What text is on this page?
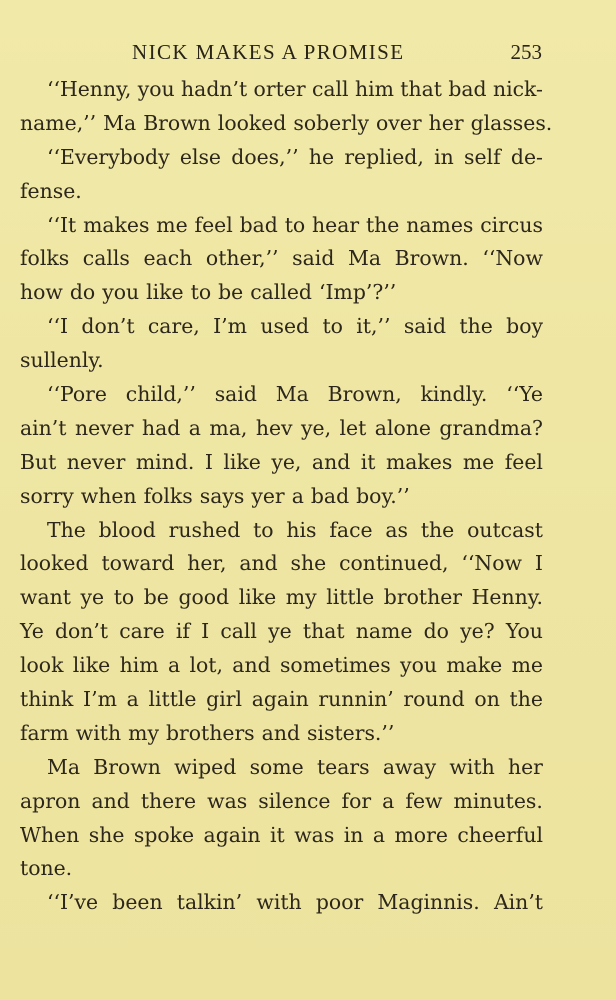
NICK MAKES A PROMISE	253
‘‘Henny, you hadn’t orter call him that bad nick-
name,’’ Ma Brown looked soberly over her glasses.
‘‘Everybody else does,’’ he replied, in self de-
fense.
‘‘It makes me feel bad to hear the names circus
folks calls each other,’’ said Ma Brown. ‘‘Now
how do you like to be called ‘Imp’?’’
‘‘I don’t care, I’m used to it,’’ said the boy
sullenly.
‘‘Pore child,’’ said Ma Brown, kindly. ‘‘Ye
ain’t never had a ma, hev ye, let alone grandma?
But never mind. I like ye, and it makes me feel
sorry when folks says yer a bad boy.’’
The blood rushed to his face as the outcast
looked toward her, and she continued, ‘‘Now I
want ye to be good like my little brother Henny.
Ye don’t care if I call ye that name do ye? You
look like him a lot, and sometimes you make me
think I’m a little girl again runnin’ round on the
farm with my brothers and sisters.’’
Ma Brown wiped some tears away with her
apron and there was silence for a few minutes.
When she spoke again it was in a more cheerful
tone.
‘‘I’ve been talkin’ with poor Maginnis. Ain’t
